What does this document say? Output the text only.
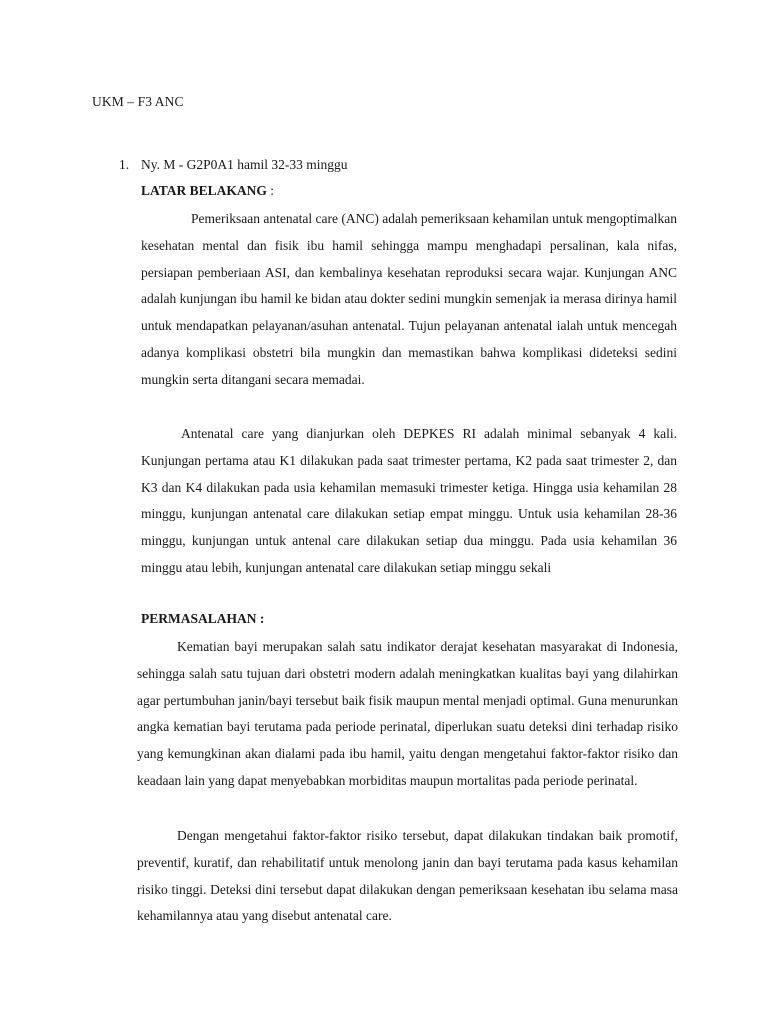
UKM – F3 ANC
1. Ny. M - G2P0A1 hamil 32-33 minggu
LATAR BELAKANG :

Pemeriksaan antenatal care (ANC) adalah pemeriksaan kehamilan untuk mengoptimalkan kesehatan mental dan fisik ibu hamil sehingga mampu menghadapi persalinan, kala nifas, persiapan pemberiaan ASI, dan kembalinya kesehatan reproduksi secara wajar. Kunjungan ANC adalah kunjungan ibu hamil ke bidan atau dokter sedini mungkin semenjak ia merasa dirinya hamil untuk mendapatkan pelayanan/asuhan antenatal. Tujun pelayanan antenatal ialah untuk mencegah adanya komplikasi obstetri bila mungkin dan memastikan bahwa komplikasi dideteksi sedini mungkin serta ditangani secara memadai.

Antenatal care yang dianjurkan oleh DEPKES RI adalah minimal sebanyak 4 kali. Kunjungan pertama atau K1 dilakukan pada saat trimester pertama, K2 pada saat trimester 2, dan K3 dan K4 dilakukan pada usia kehamilan memasuki trimester ketiga. Hingga usia kehamilan 28 minggu, kunjungan antenatal care dilakukan setiap empat minggu. Untuk usia kehamilan 28-36 minggu, kunjungan untuk antenal care dilakukan setiap dua minggu. Pada usia kehamilan 36 minggu atau lebih, kunjungan antenatal care dilakukan setiap minggu sekali

PERMASALAHAN :

Kematian bayi merupakan salah satu indikator derajat kesehatan masyarakat di Indonesia, sehingga salah satu tujuan dari obstetri modern adalah meningkatkan kualitas bayi yang dilahirkan agar pertumbuhan janin/bayi tersebut baik fisik maupun mental menjadi optimal. Guna menurunkan angka kematian bayi terutama pada periode perinatal, diperlukan suatu deteksi dini terhadap risiko yang kemungkinan akan dialami pada ibu hamil, yaitu dengan mengetahui faktor-faktor risiko dan keadaan lain yang dapat menyebabkan morbiditas maupun mortalitas pada periode perinatal.

Dengan mengetahui faktor-faktor risiko tersebut, dapat dilakukan tindakan baik promotif, preventif, kuratif, dan rehabilitatif untuk menolong janin dan bayi terutama pada kasus kehamilan risiko tinggi. Deteksi dini tersebut dapat dilakukan dengan pemeriksaan kesehatan ibu selama masa kehamilannya atau yang disebut antenatal care.
